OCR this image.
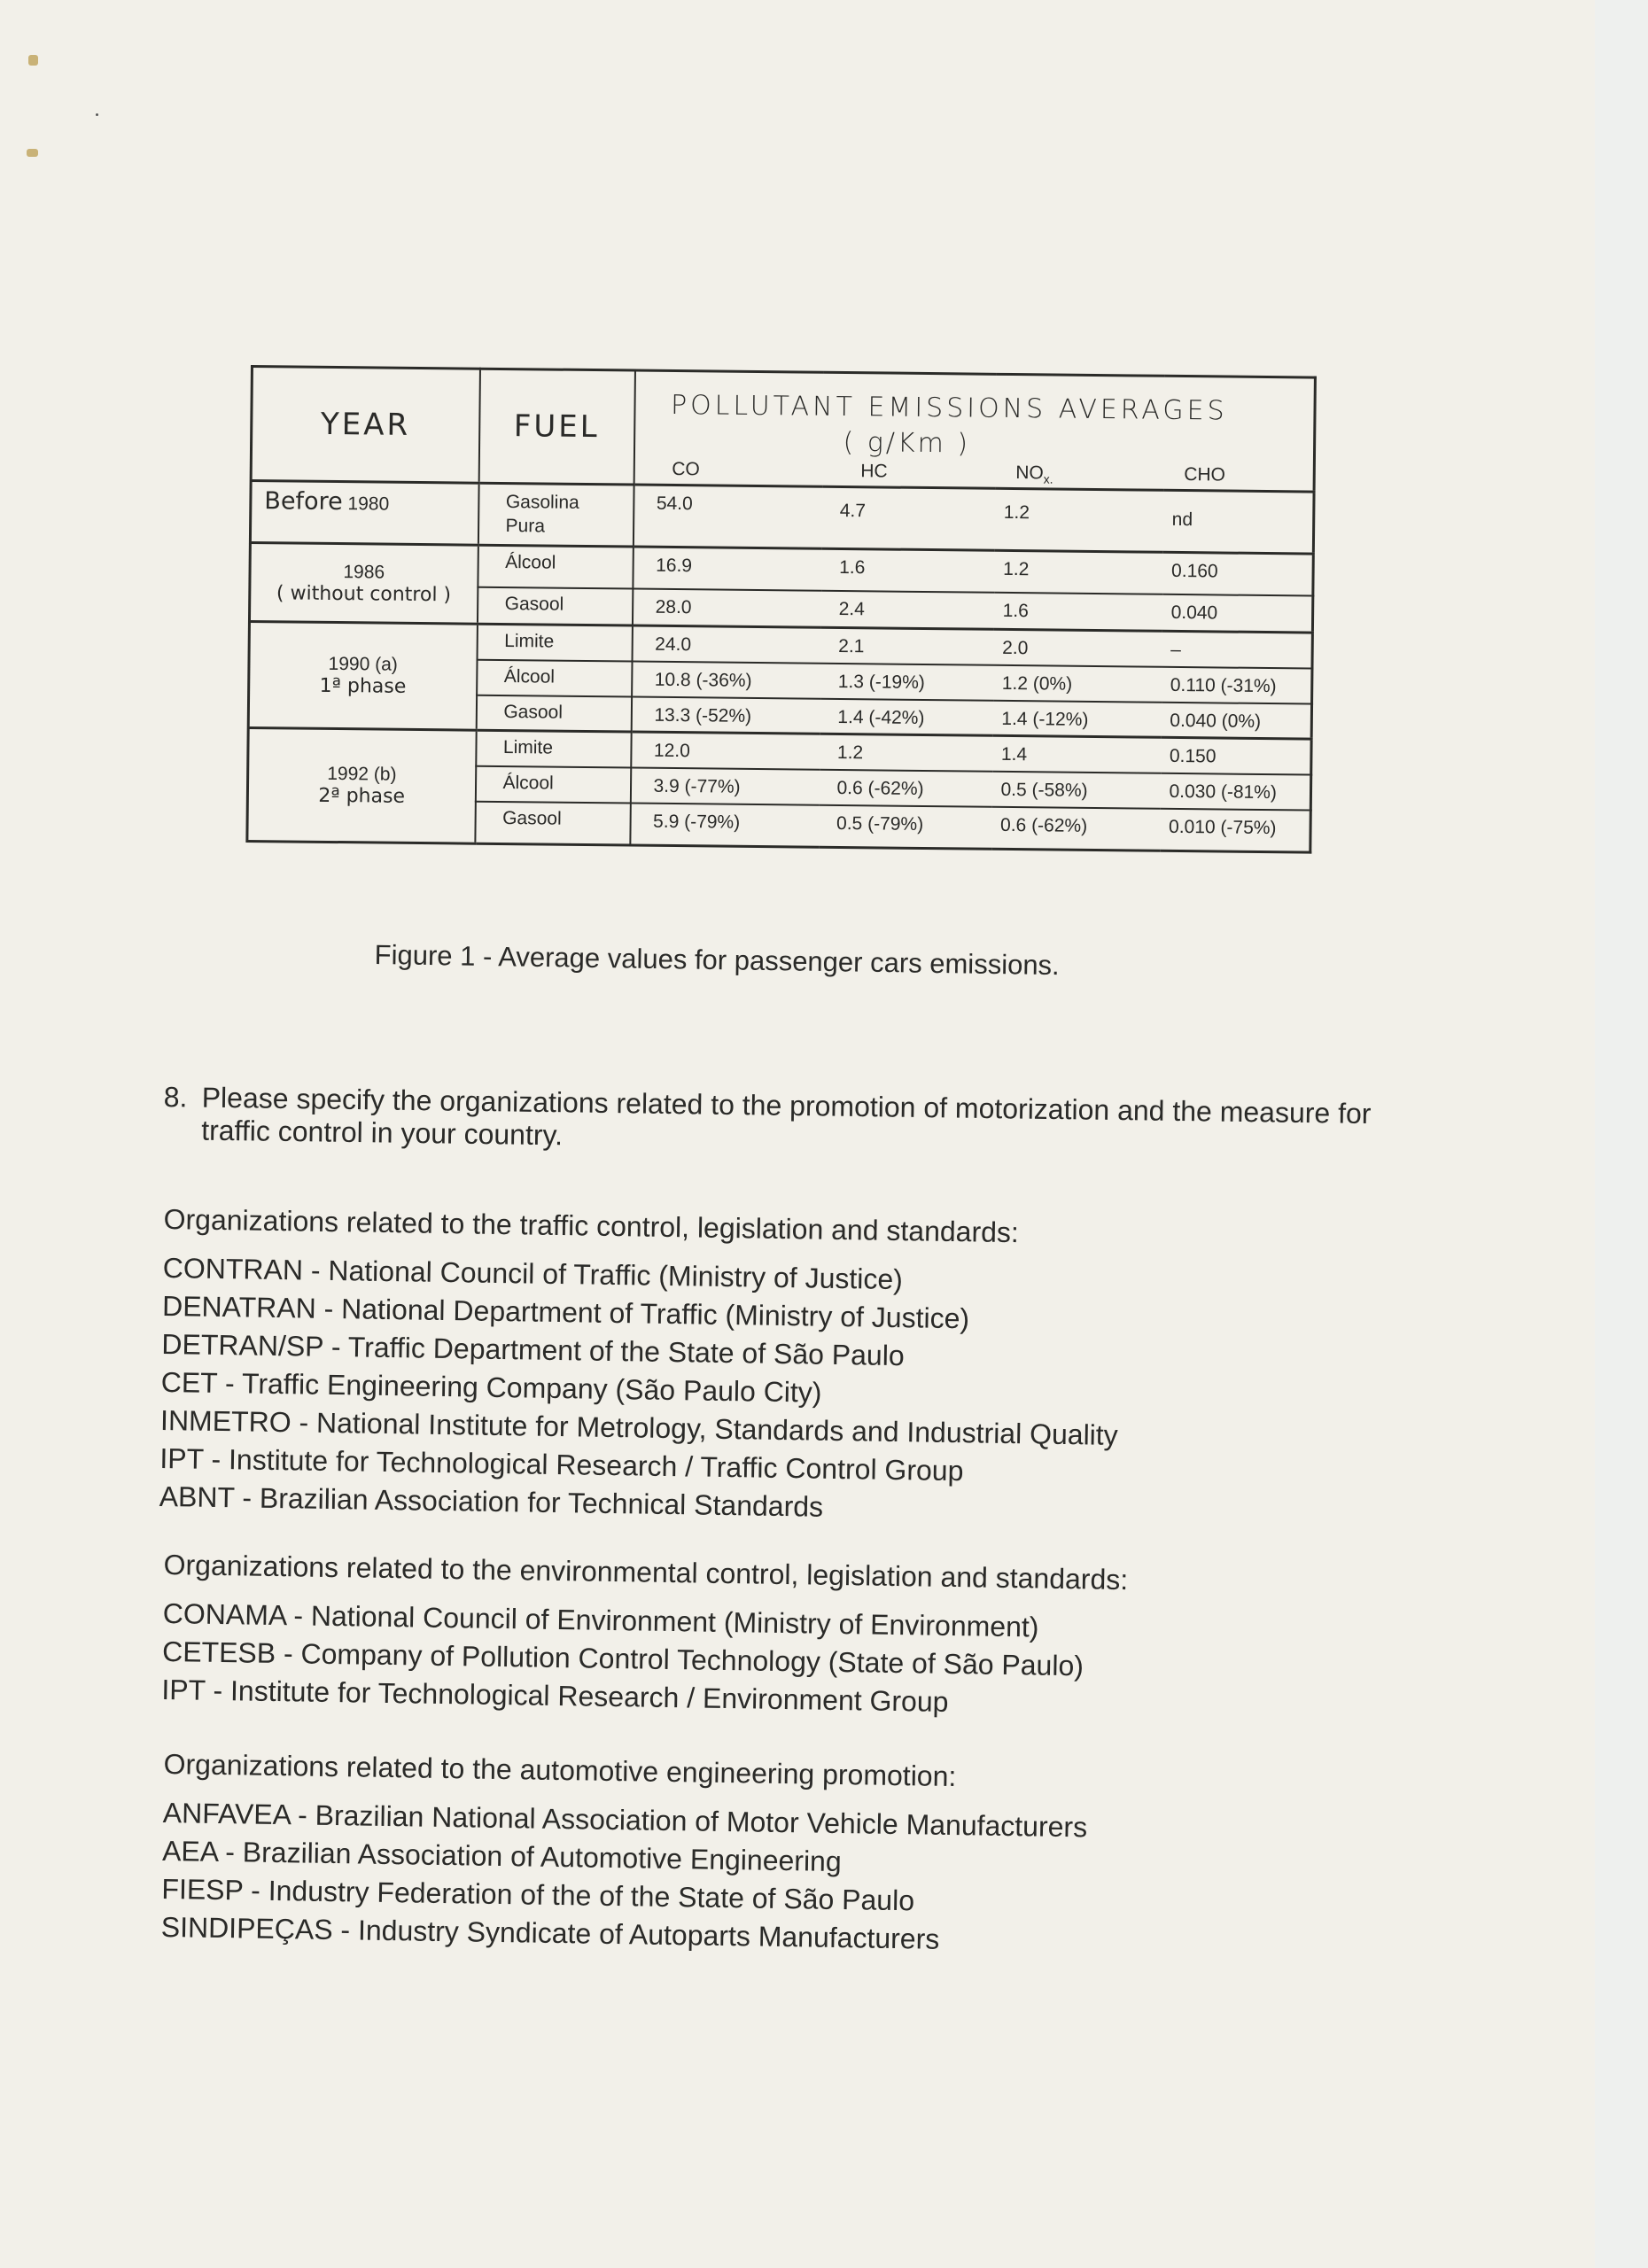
YEAR	FUEL	
POLLUTANT EMISSIONS AVERAGES
( g/Km )
CO	HC	$NO_{x.}$	CHO

Before 1980	Gasolina Pura	54.0	4.7	1.2	nd

1986
( without control )	Álcool	16.9	1.6	1.2	0.160
	Gasool	28.0	2.4	1.6	0.040

1990 (a)
1ª phase	Limite	24.0	2.1	2.0	–
	Álcool	10.8 (-36%)	1.3 (-19%)	1.2 (0%)	0.110 (-31%)
	Gasool	13.3 (-52%)	1.4 (-42%)	1.4 (-12%)	0.040 (0%)

1992 (b)
2ª phase	Limite	12.0	1.2	1.4	0.150
	Álcool	3.9 (-77%)	0.6 (-62%)	0.5 (-58%)	0.030 (-81%)
	Gasool	5.9 (-79%)	0.5 (-79%)	0.6 (-62%)	0.010 (-75%)
Figure 1 - Average values for passenger cars emissions.
8. Please specify the organizations related to the promotion of motorization and the measure for traffic control in your country.
Organizations related to the traffic control, legislation and standards:
CONTRAN - National Council of Traffic (Ministry of Justice)
DENATRAN - National Department of Traffic (Ministry of Justice)
DETRAN/SP - Traffic Department of the State of São Paulo
CET - Traffic Engineering Company (São Paulo City)
INMETRO - National Institute for Metrology, Standards and Industrial Quality
IPT - Institute for Technological Research / Traffic Control Group
ABNT - Brazilian Association for Technical Standards
Organizations related to the environmental control, legislation and standards:
CONAMA - National Council of Environment (Ministry of Environment)
CETESB - Company of Pollution Control Technology (State of São Paulo)
IPT - Institute for Technological Research / Environment Group
Organizations related to the automotive engineering promotion:
ANFAVEA - Brazilian National Association of Motor Vehicle Manufacturers
AEA - Brazilian Association of Automotive Engineering
FIESP - Industry Federation of the of the State of São Paulo
SINDIPEÇAS - Industry Syndicate of Autoparts Manufacturers
